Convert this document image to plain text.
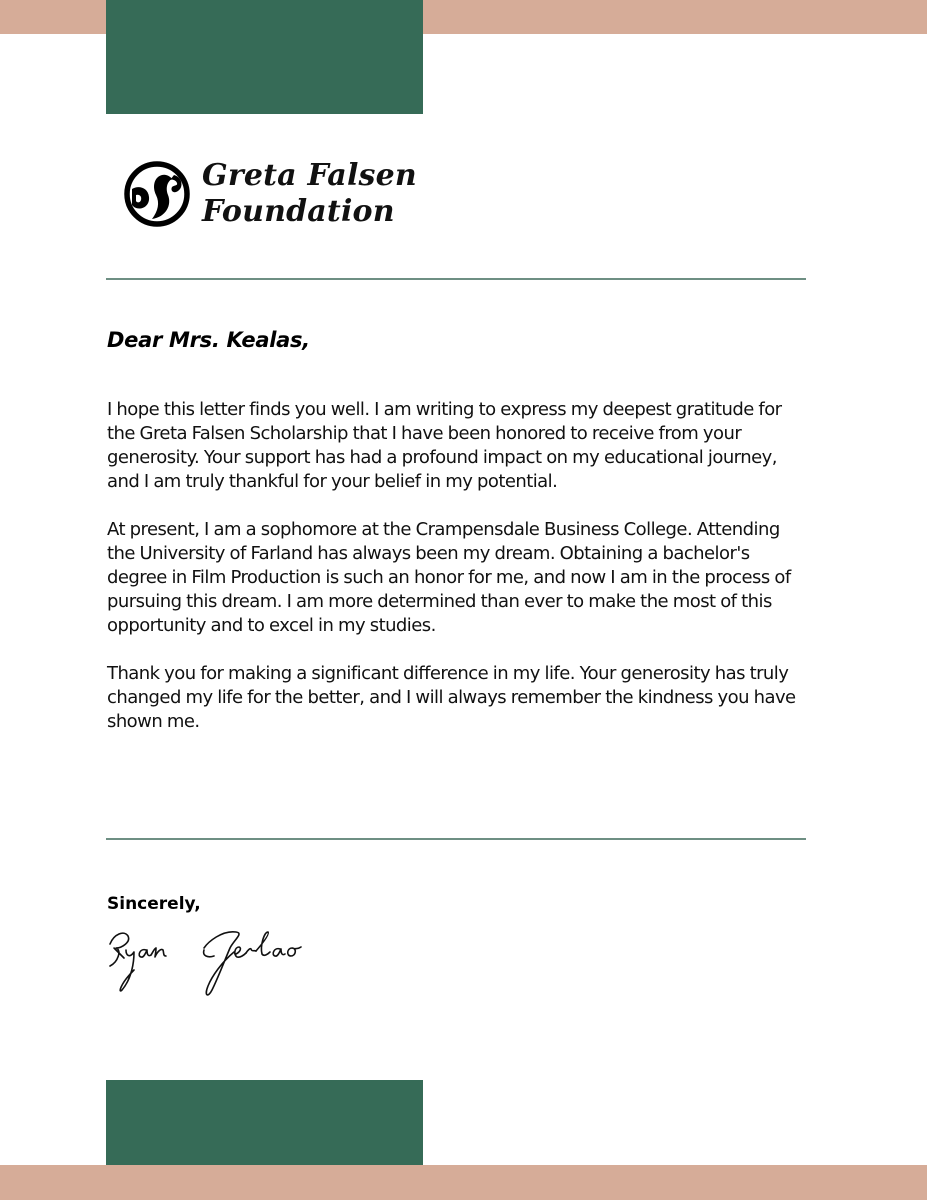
Greta Falsen
Foundation
Dear Mrs. Kealas,

I hope this letter finds you well. I am writing to express my deepest gratitude for the Greta Falsen Scholarship that I have been honored to receive from your generosity. Your support has had a profound impact on my educational journey, and I am truly thankful for your belief in my potential.

At present, I am a sophomore at the Crampensdale Business College. Attending the University of Farland has always been my dream. Obtaining a bachelor's degree in Film Production is such an honor for me, and now I am in the process of pursuing this dream. I am more determined than ever to make the most of this opportunity and to excel in my studies.

Thank you for making a significant difference in my life. Your generosity has truly changed my life for the better, and I will always remember the kindness you have shown me.

Sincerely,
